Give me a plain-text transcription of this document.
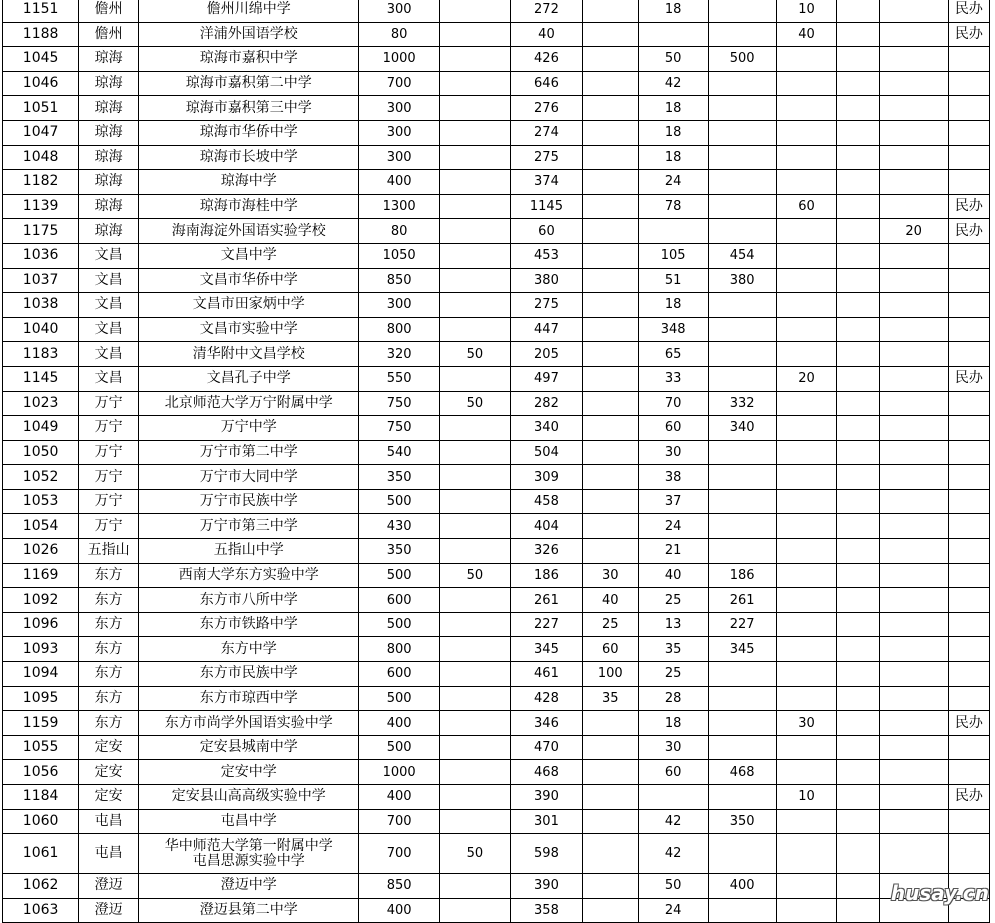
1151	儋州	儋州川绵中学	300		272		18		10			民办
1188	儋州	洋浦外国语学校	80		40				40			民办
1045	琼海	琼海市嘉积中学	1000		426		50	500				
1046	琼海	琼海市嘉积第二中学	700		646		42					
1051	琼海	琼海市嘉积第三中学	300		276		18					
1047	琼海	琼海市华侨中学	300		274		18					
1048	琼海	琼海市长坡中学	300		275		18					
1182	琼海	琼海中学	400		374		24					
1139	琼海	琼海市海桂中学	1300		1145		78		60			民办
1175	琼海	海南海淀外国语实验学校	80		60						20	民办
1036	文昌	文昌中学	1050		453		105	454				
1037	文昌	文昌市华侨中学	850		380		51	380				
1038	文昌	文昌市田家炳中学	300		275		18					
1040	文昌	文昌市实验中学	800		447		348					
1183	文昌	清华附中文昌学校	320	50	205		65					
1145	文昌	文昌孔子中学	550		497		33		20			民办
1023	万宁	北京师范大学万宁附属中学	750	50	282		70	332				
1049	万宁	万宁中学	750		340		60	340				
1050	万宁	万宁市第二中学	540		504		30					
1052	万宁	万宁市大同中学	350		309		38					
1053	万宁	万宁市民族中学	500		458		37					
1054	万宁	万宁市第三中学	430		404		24					
1026	五指山	五指山中学	350		326		21					
1169	东方	西南大学东方实验中学	500	50	186	30	40	186				
1092	东方	东方市八所中学	600		261	40	25	261				
1096	东方	东方市铁路中学	500		227	25	13	227				
1093	东方	东方中学	800		345	60	35	345				
1094	东方	东方市民族中学	600		461	100	25					
1095	东方	东方市琼西中学	500		428	35	28					
1159	东方	东方市尚学外国语实验中学	400		346		18		30			民办
1055	定安	定安县城南中学	500		470		30					
1056	定安	定安中学	1000		468		60	468				
1184	定安	定安县山高高级实验中学	400		390				10			民办
1060	屯昌	屯昌中学	700		301		42	350				
1061	屯昌	华中师范大学第一附属中学
屯昌思源实验中学	700	50	598		42					
1062	澄迈	澄迈中学	850		390		50	400				
1063	澄迈	澄迈县第二中学	400		358		24					
husay.cn
